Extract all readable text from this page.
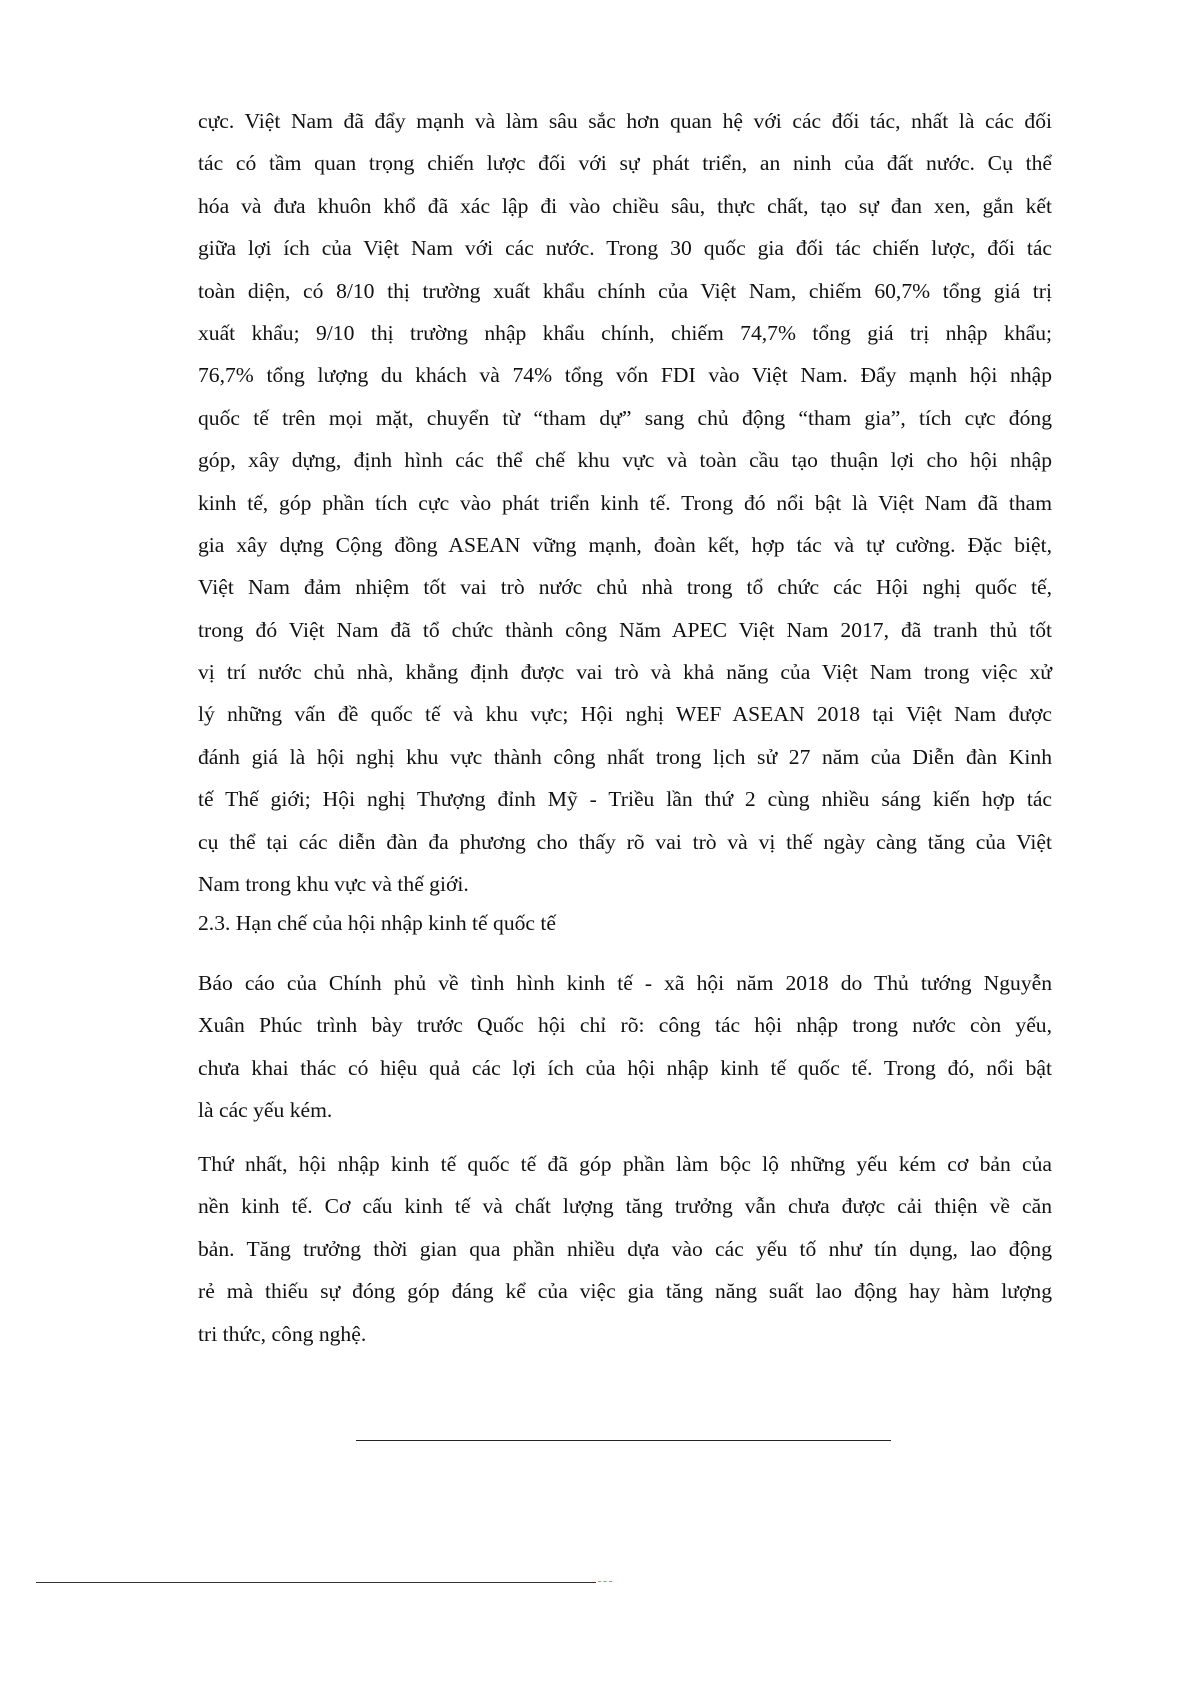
cực. Việt Nam đã đẩy mạnh và làm sâu sắc hơn quan hệ với các đối tác, nhất là các đối
tác có tầm quan trọng chiến lược đối với sự phát triển, an ninh của đất nước. Cụ thể
hóa và đưa khuôn khổ đã xác lập đi vào chiều sâu, thực chất, tạo sự đan xen, gắn kết
giữa lợi ích của Việt Nam với các nước. Trong 30 quốc gia đối tác chiến lược, đối tác
toàn diện, có 8/10 thị trường xuất khẩu chính của Việt Nam, chiếm 60,7% tổng giá trị
xuất khẩu; 9/10 thị trường nhập khẩu chính, chiếm 74,7% tổng giá trị nhập khẩu;
76,7% tổng lượng du khách và 74% tổng vốn FDI vào Việt Nam. Đẩy mạnh hội nhập
quốc tế trên mọi mặt, chuyển từ “tham dự” sang chủ động “tham gia”, tích cực đóng
góp, xây dựng, định hình các thể chế khu vực và toàn cầu tạo thuận lợi cho hội nhập
kinh tế, góp phần tích cực vào phát triển kinh tế. Trong đó nổi bật là Việt Nam đã tham
gia xây dựng Cộng đồng ASEAN vững mạnh, đoàn kết, hợp tác và tự cường. Đặc biệt,
Việt Nam đảm nhiệm tốt vai trò nước chủ nhà trong tổ chức các Hội nghị quốc tế,
trong đó Việt Nam đã tổ chức thành công Năm APEC Việt Nam 2017, đã tranh thủ tốt
vị trí nước chủ nhà, khẳng định được vai trò và khả năng của Việt Nam trong việc xử
lý những vấn đề quốc tế và khu vực; Hội nghị WEF ASEAN 2018 tại Việt Nam được
đánh giá là hội nghị khu vực thành công nhất trong lịch sử 27 năm của Diễn đàn Kinh
tế Thế giới; Hội nghị Thượng đỉnh Mỹ - Triều lần thứ 2 cùng nhiều sáng kiến hợp tác
cụ thể tại các diễn đàn đa phương cho thấy rõ vai trò và vị thế ngày càng tăng của Việt
Nam trong khu vực và thế giới.
2.3. Hạn chế của hội nhập kinh tế quốc tế
Báo cáo của Chính phủ về tình hình kinh tế - xã hội năm 2018 do Thủ tướng Nguyễn
Xuân Phúc trình bày trước Quốc hội chỉ rõ: công tác hội nhập trong nước còn yếu,
chưa khai thác có hiệu quả các lợi ích của hội nhập kinh tế quốc tế. Trong đó, nổi bật
là các yếu kém.
Thứ nhất, hội nhập kinh tế quốc tế đã góp phần làm bộc lộ những yếu kém cơ bản của
nền kinh tế. Cơ cấu kinh tế và chất lượng tăng trưởng vẫn chưa được cải thiện về căn
bản. Tăng trưởng thời gian qua phần nhiều dựa vào các yếu tố như tín dụng, lao động
rẻ mà thiếu sự đóng góp đáng kể của việc gia tăng năng suất lao động hay hàm lượng
tri thức, công nghệ.
